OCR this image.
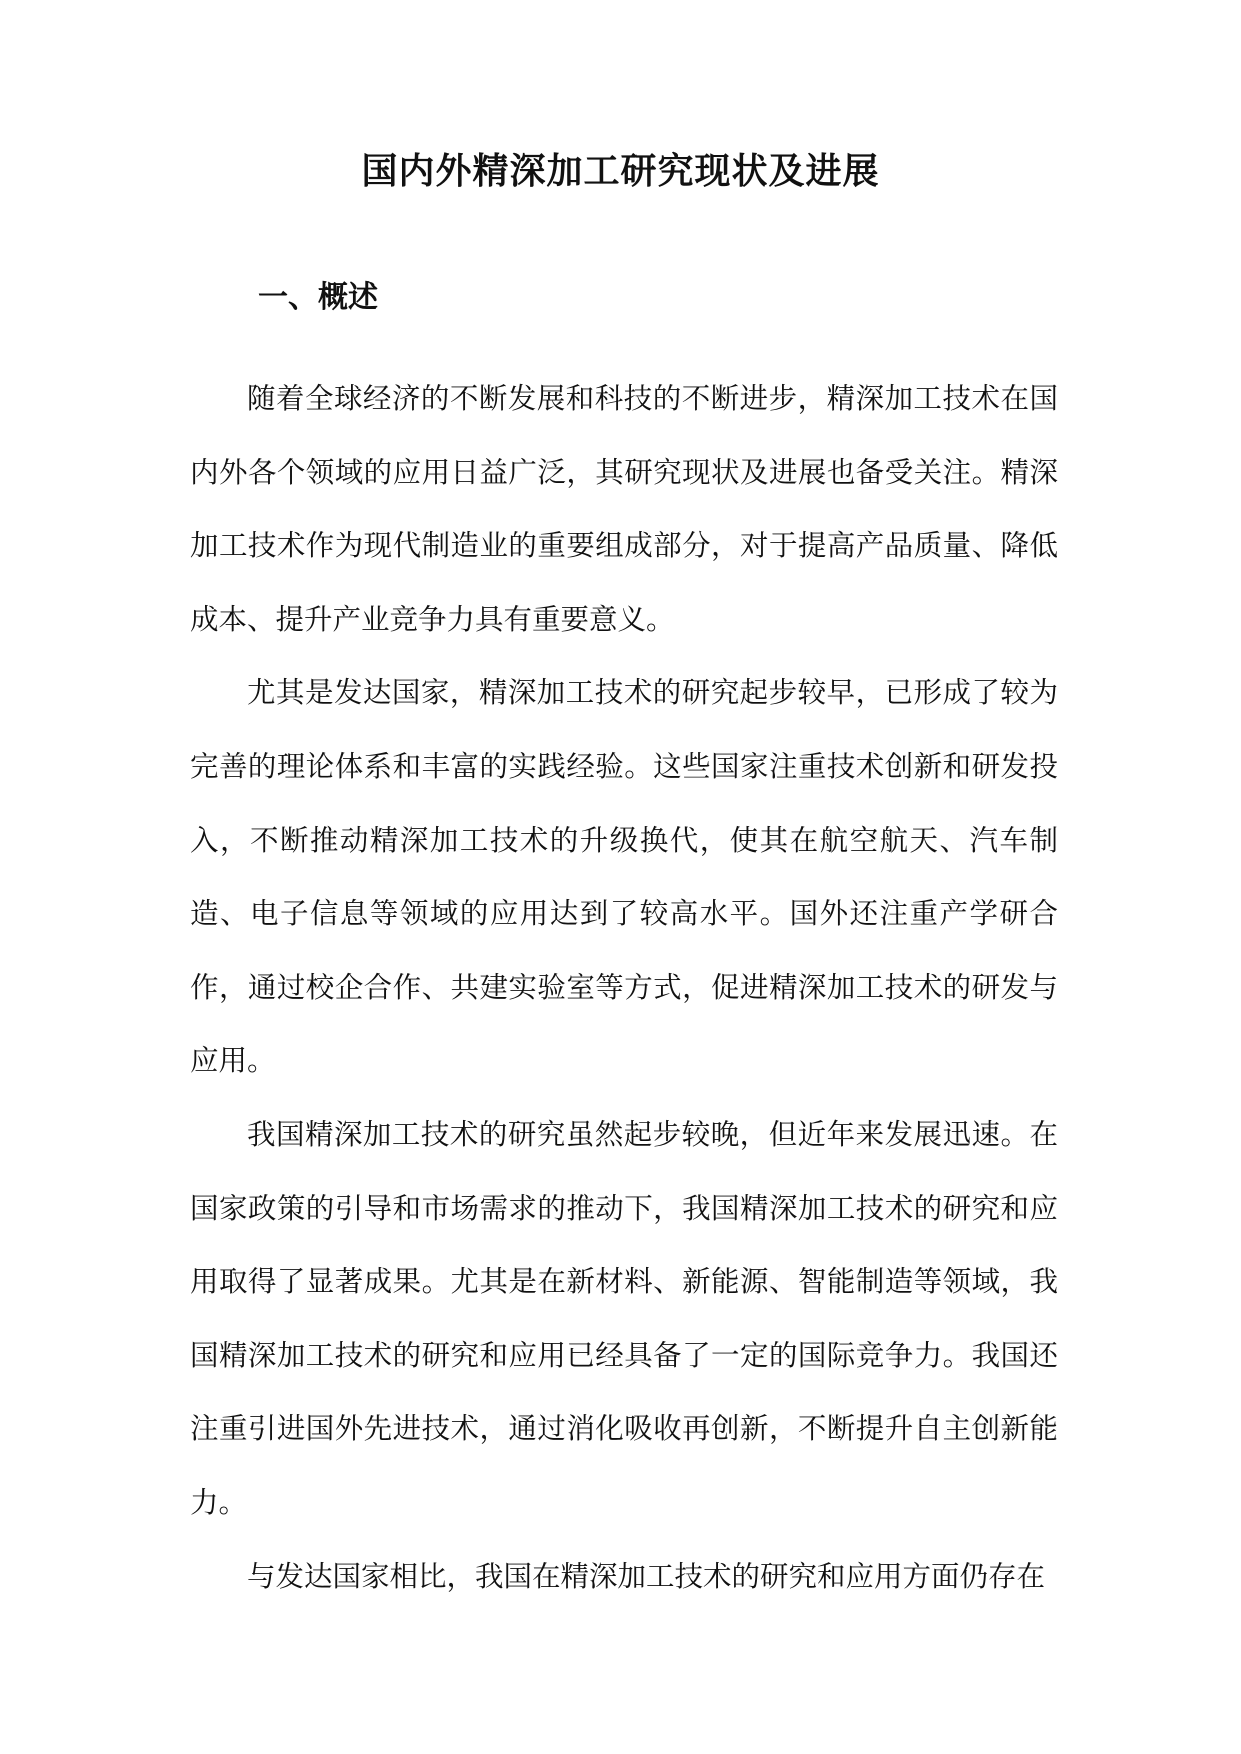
国内外精深加工研究现状及进展
一、概述

随着全球经济的不断发展和科技的不断进步，精深加工技术在国内外各个领域的应用日益广泛，其研究现状及进展也备受关注。精深加工技术作为现代制造业的重要组成部分，对于提高产品质量、降低成本、提升产业竞争力具有重要意义。

尤其是发达国家，精深加工技术的研究起步较早，已形成了较为完善的理论体系和丰富的实践经验。这些国家注重技术创新和研发投入，不断推动精深加工技术的升级换代，使其在航空航天、汽车制造、电子信息等领域的应用达到了较高水平。国外还注重产学研合作，通过校企合作、共建实验室等方式，促进精深加工技术的研发与应用。

我国精深加工技术的研究虽然起步较晚，但近年来发展迅速。在国家政策的引导和市场需求的推动下，我国精深加工技术的研究和应用取得了显著成果。尤其是在新材料、新能源、智能制造等领域，我国精深加工技术的研究和应用已经具备了一定的国际竞争力。我国还注重引进国外先进技术，通过消化吸收再创新，不断提升自主创新能力。

与发达国家相比，我国在精深加工技术的研究和应用方面仍存在
